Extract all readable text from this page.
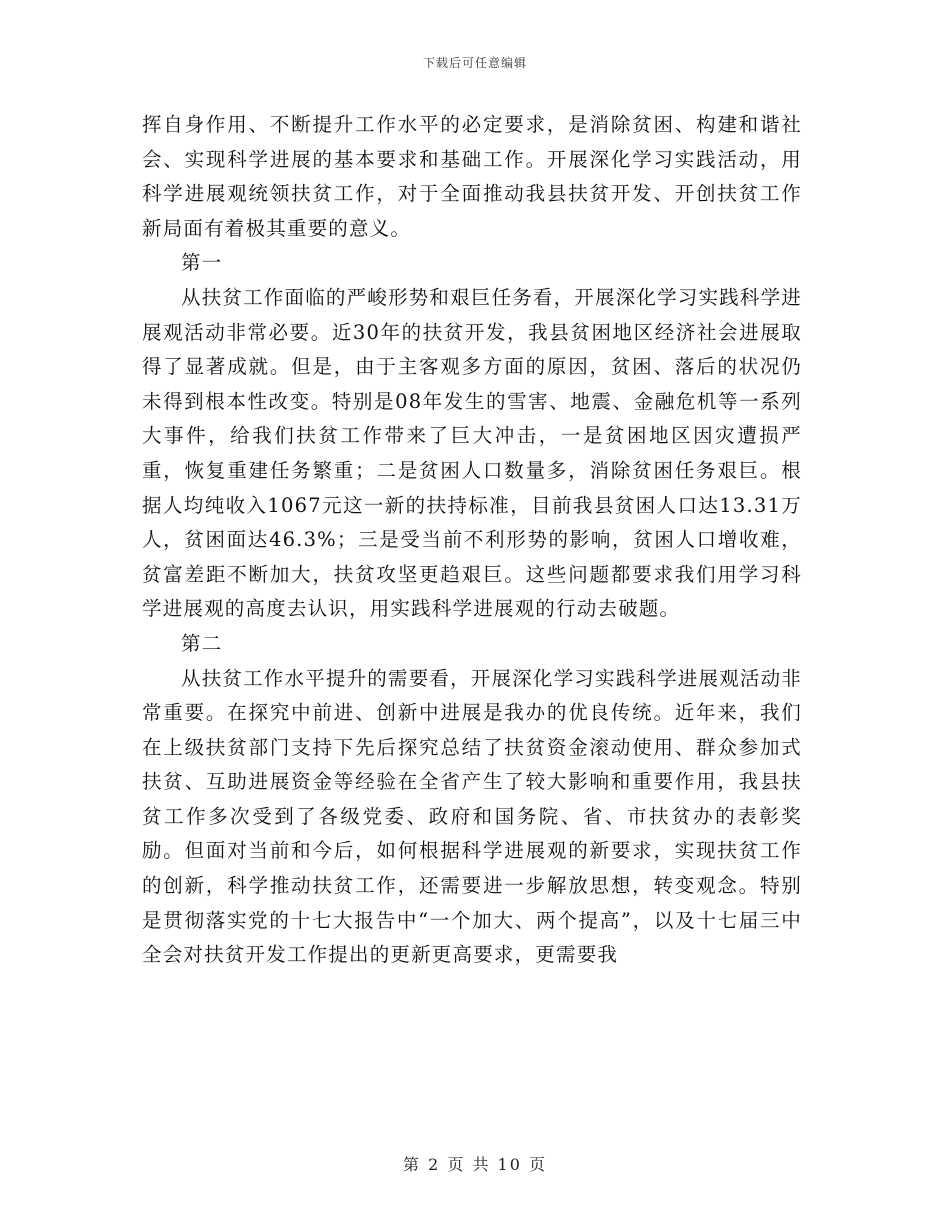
下载后可任意编辑

挥自身作用、不断提升工作水平的必定要求，是消除贫困、构建和谐社会、实现科学进展的基本要求和基础工作。开展深化学习实践活动，用科学进展观统领扶贫工作，对于全面推动我县扶贫开发、开创扶贫工作新局面有着极其重要的意义。

第一

从扶贫工作面临的严峻形势和艰巨任务看，开展深化学习实践科学进展观活动非常必要。近30年的扶贫开发，我县贫困地区经济社会进展取得了显著成就。但是，由于主客观多方面的原因，贫困、落后的状况仍未得到根本性改变。特别是08年发生的雪害、地震、金融危机等一系列大事件，给我们扶贫工作带来了巨大冲击，一是贫困地区因灾遭损严重，恢复重建任务繁重；二是贫困人口数量多，消除贫困任务艰巨。根据人均纯收入1067元这一新的扶持标准，目前我县贫困人口达13.31万人，贫困面达46.3%；三是受当前不利形势的影响，贫困人口增收难，贫富差距不断加大，扶贫攻坚更趋艰巨。这些问题都要求我们用学习科学进展观的高度去认识，用实践科学进展观的行动去破题。

第二

从扶贫工作水平提升的需要看，开展深化学习实践科学进展观活动非常重要。在探究中前进、创新中进展是我办的优良传统。近年来，我们在上级扶贫部门支持下先后探究总结了扶贫资金滚动使用、群众参加式扶贫、互助进展资金等经验在全省产生了较大影响和重要作用，我县扶贫工作多次受到了各级党委、政府和国务院、省、市扶贫办的表彰奖励。但面对当前和今后，如何根据科学进展观的新要求，实现扶贫工作的创新，科学推动扶贫工作，还需要进一步解放思想，转变观念。特别是贯彻落实党的十七大报告中“一个加大、两个提高”，以及十七届三中全会对扶贫开发工作提出的更新更高要求，更需要我

第 2 页 共 10 页
